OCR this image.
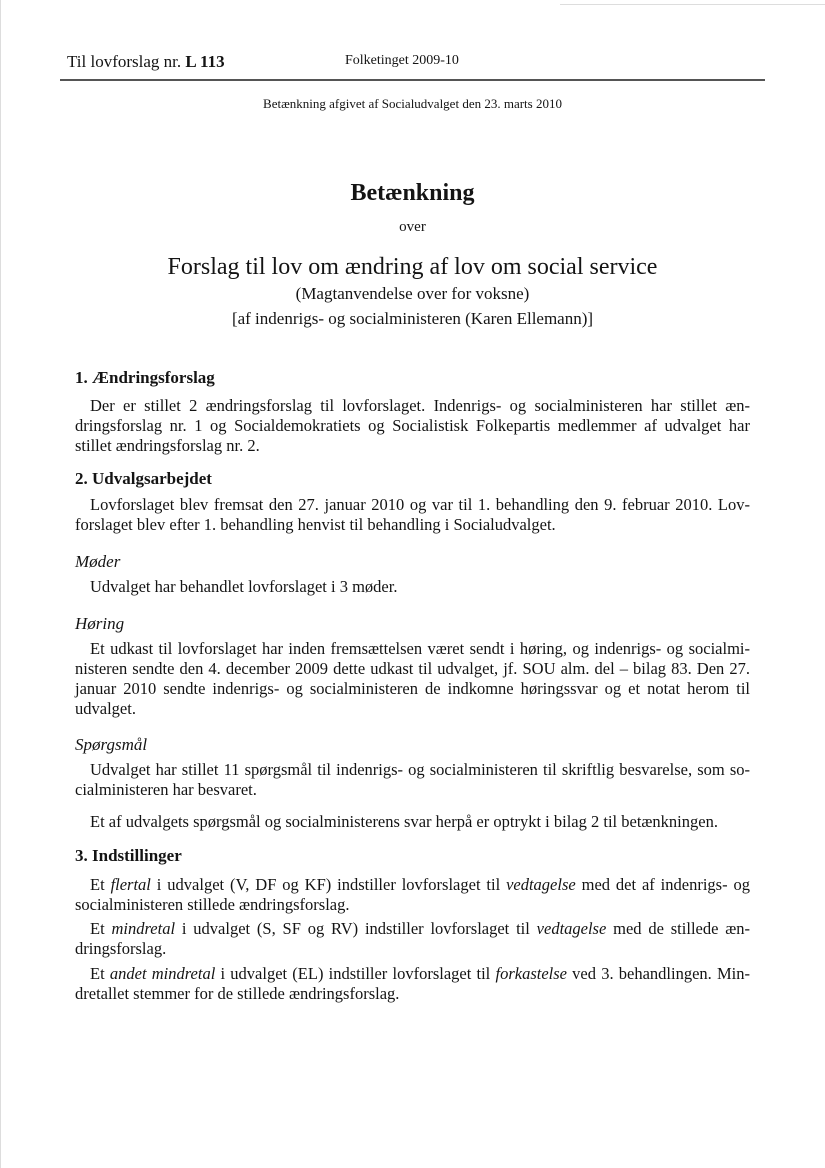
Til lovforslag nr. L 113	Folketinget 2009-10
Betænkning afgivet af Socialudvalget den 23. marts 2010
Betænkning
over
Forslag til lov om ændring af lov om social service
(Magtanvendelse over for voksne)
[af indenrigs- og socialministeren (Karen Ellemann)]
1. Ændringsforslag
Der er stillet 2 ændringsforslag til lovforslaget. Indenrigs- og socialministeren har stillet æn-
dringsforslag nr. 1 og Socialdemokratiets og Socialistisk Folkepartis medlemmer af udvalget har
stillet ændringsforslag nr. 2.
2. Udvalgsarbejdet
Lovforslaget blev fremsat den 27. januar 2010 og var til 1. behandling den 9. februar 2010. Lov-
forslaget blev efter 1. behandling henvist til behandling i Socialudvalget.
Møder
Udvalget har behandlet lovforslaget i 3 møder.
Høring
Et udkast til lovforslaget har inden fremsættelsen været sendt i høring, og indenrigs- og socialmi-
nisteren sendte den 4. december 2009 dette udkast til udvalget, jf. SOU alm. del – bilag 83. Den 27.
januar 2010 sendte indenrigs- og socialministeren de indkomne høringssvar og et notat herom til
udvalget.
Spørgsmål
Udvalget har stillet 11 spørgsmål til indenrigs- og socialministeren til skriftlig besvarelse, som so-
cialministeren har besvaret.
Et af udvalgets spørgsmål og socialministerens svar herpå er optrykt i bilag 2 til betænkningen.
3. Indstillinger
Et flertal i udvalget (V, DF og KF) indstiller lovforslaget til vedtagelse med det af indenrigs- og
socialministeren stillede ændringsforslag.
Et mindretal i udvalget (S, SF og RV) indstiller lovforslaget til vedtagelse med de stillede æn-
dringsforslag.
Et andet mindretal i udvalget (EL) indstiller lovforslaget til forkastelse ved 3. behandlingen. Min-
dretallet stemmer for de stillede ændringsforslag.
